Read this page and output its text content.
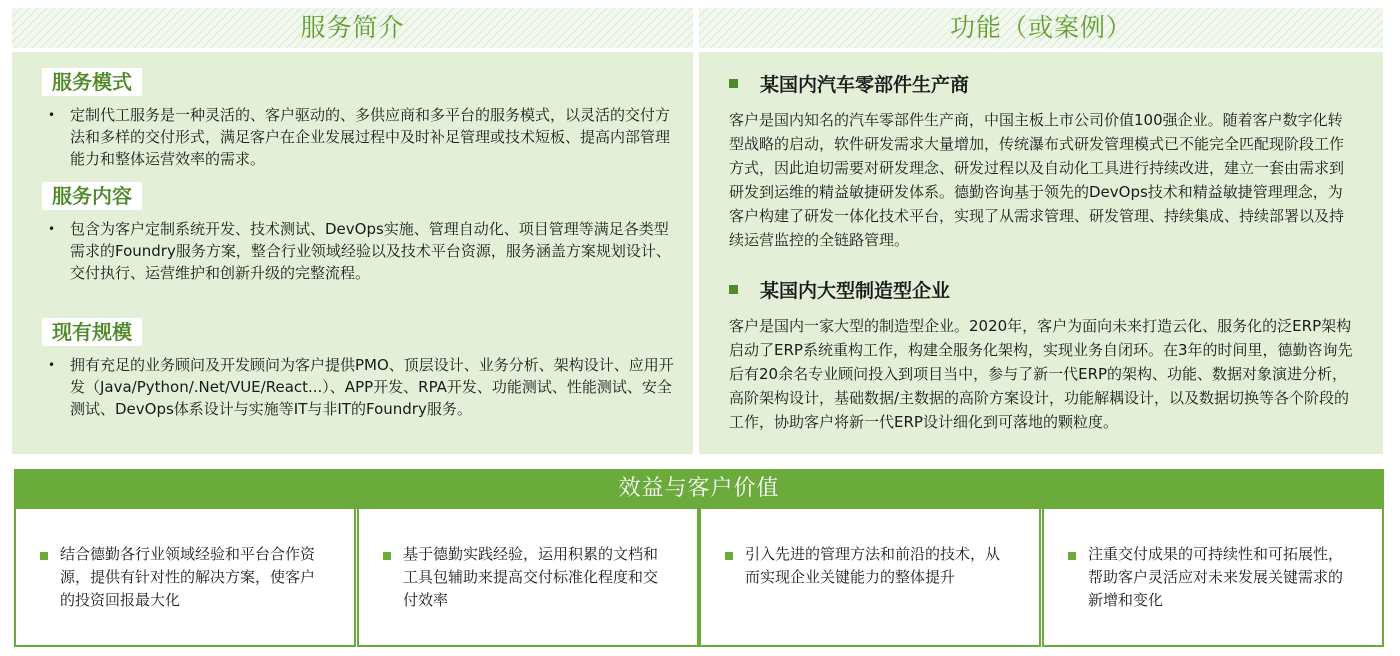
服务简介	功能（或案例）
服务模式
• 定制代工服务是一种灵活的、客户驱动的、多供应商和多平台的服务模式，以灵活的交付方法和多样的交付形式，满足客户在企业发展过程中及时补足管理或技术短板、提高内部管理能力和整体运营效率的需求。
服务内容
• 包含为客户定制系统开发、技术测试、DevOps实施、管理自动化、项目管理等满足各类型需求的Foundry服务方案，整合行业领域经验以及技术平台资源，服务涵盖方案规划设计、交付执行、运营维护和创新升级的完整流程。
现有规模
• 拥有充足的业务顾问及开发顾问为客户提供PMO、顶层设计、业务分析、架构设计、应用开发（Java/Python/.Net/VUE/React...）、APP开发、RPA开发、功能测试、性能测试、安全测试、DevOps体系设计与实施等IT与非IT的Foundry服务。
某国内汽车零部件生产商
客户是国内知名的汽车零部件生产商，中国主板上市公司价值100强企业。随着客户数字化转型战略的启动，软件研发需求大量增加，传统瀑布式研发管理模式已不能完全匹配现阶段工作方式，因此迫切需要对研发理念、研发过程以及自动化工具进行持续改进，建立一套由需求到研发到运维的精益敏捷研发体系。德勤咨询基于领先的DevOps技术和精益敏捷管理理念，为客户构建了研发一体化技术平台，实现了从需求管理、研发管理、持续集成、持续部署以及持续运营监控的全链路管理。
某国内大型制造型企业
客户是国内一家大型的制造型企业。2020年，客户为面向未来打造云化、服务化的泛ERP架构启动了ERP系统重构工作，构建全服务化架构，实现业务自闭环。在3年的时间里，德勤咨询先后有20余名专业顾问投入到项目当中，参与了新一代ERP的架构、功能、数据对象演进分析，高阶架构设计，基础数据/主数据的高阶方案设计，功能解耦设计，以及数据切换等各个阶段的工作，协助客户将新一代ERP设计细化到可落地的颗粒度。
效益与客户价值
结合德勤各行业领域经验和平台合作资源，提供有针对性的解决方案，使客户的投资回报最大化
基于德勤实践经验，运用积累的文档和工具包辅助来提高交付标准化程度和交付效率
引入先进的管理方法和前沿的技术，从而实现企业关键能力的整体提升
注重交付成果的可持续性和可拓展性，帮助客户灵活应对未来发展关键需求的新增和变化
